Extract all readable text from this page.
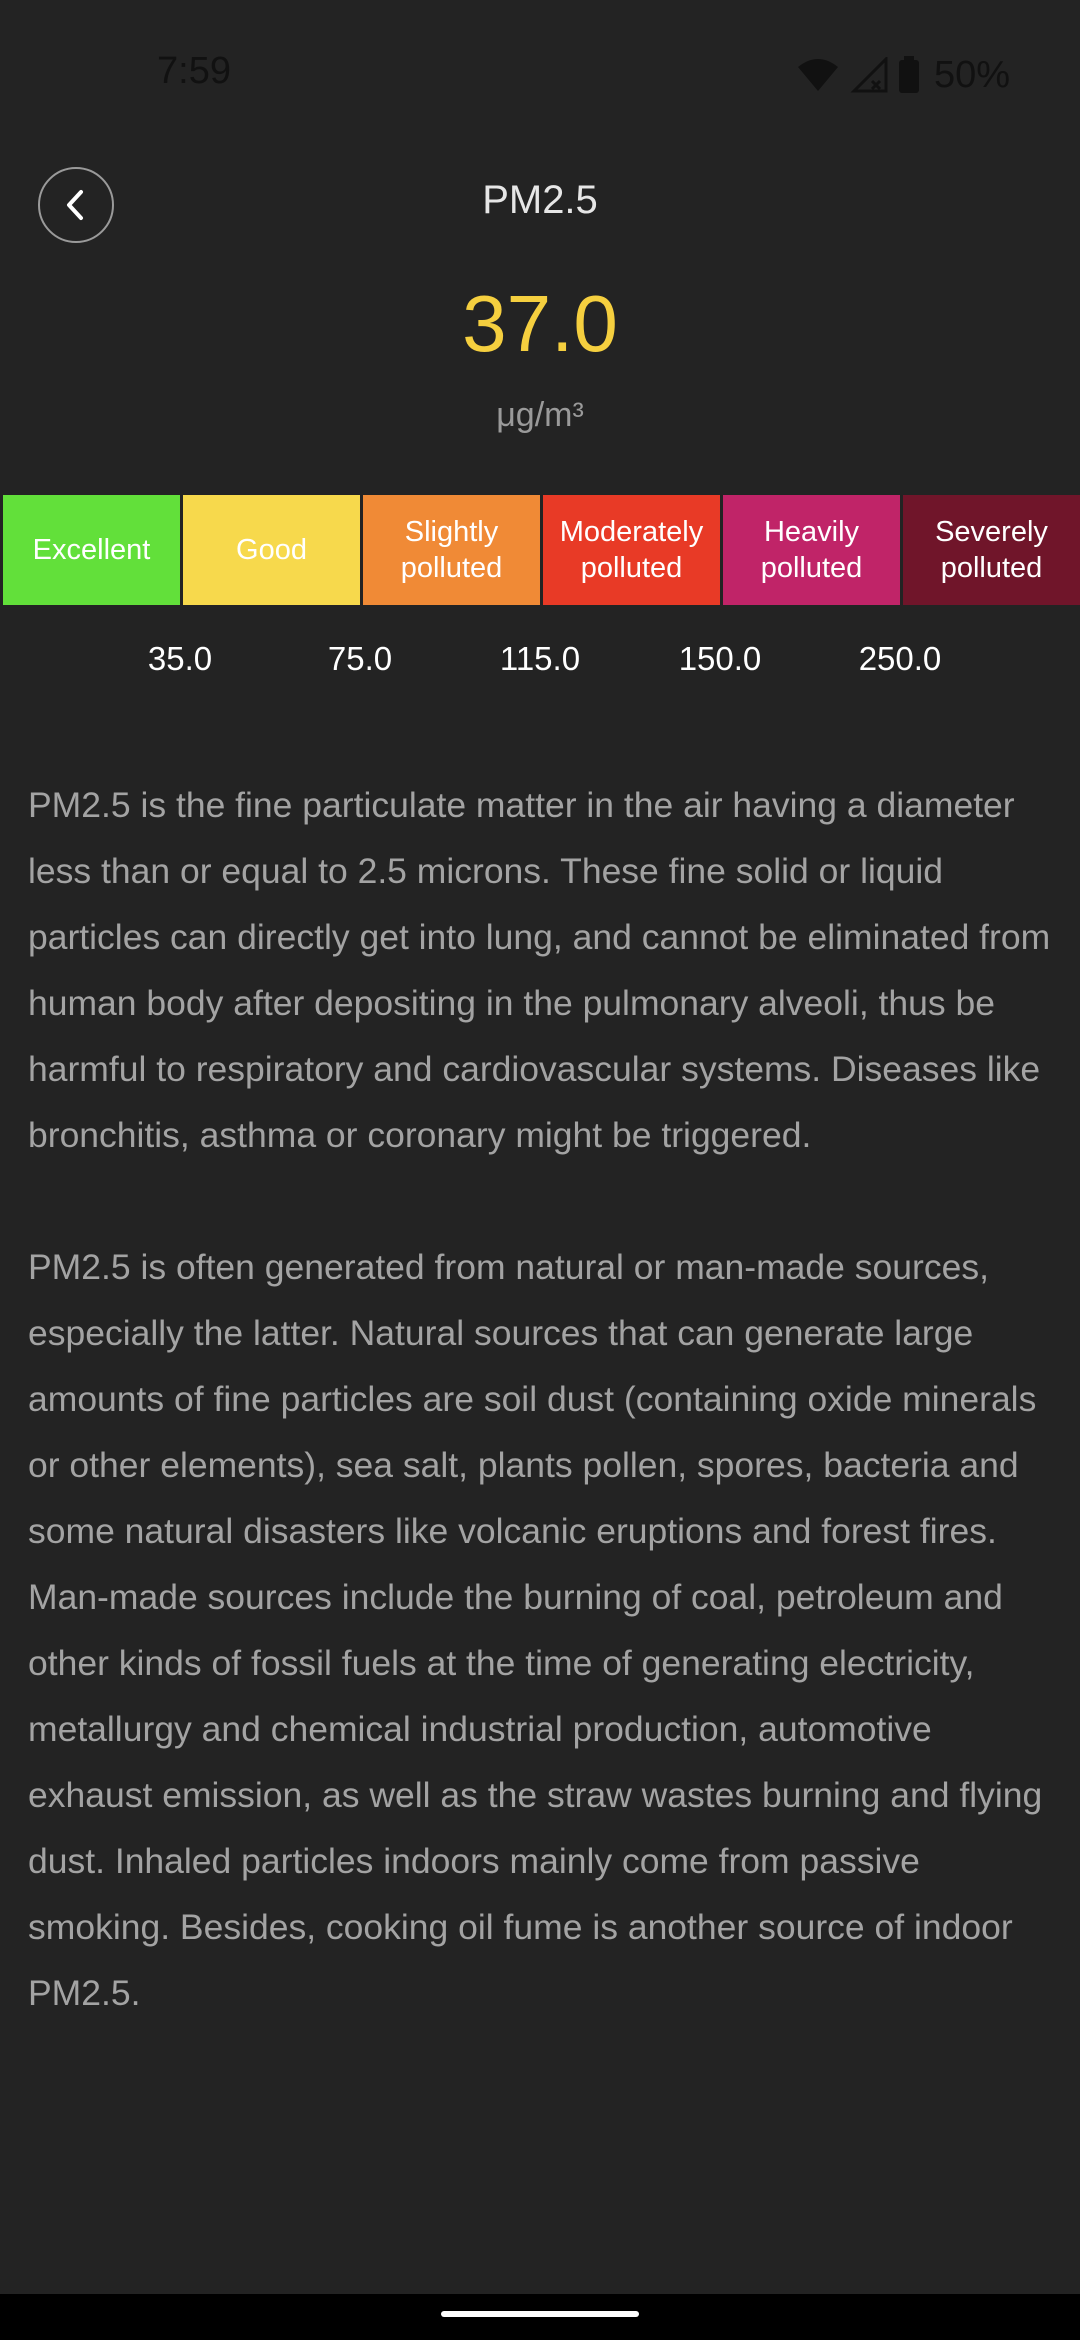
7:59	50%
PM2.5
37.0
μg/m³
Excellent	Good
Slightly polluted
Moderately polluted
Heavily polluted
Severely polluted
35.0	75.0	115.0	150.0	250.0

PM2.5 is the fine particulate matter in the air having a diameter less than or equal to 2.5 microns. These fine solid or liquid particles can directly get into lung, and cannot be eliminated from human body after depositing in the pulmonary alveoli, thus be harmful to respiratory and cardiovascular systems. Diseases like bronchitis, asthma or coronary might be triggered.

PM2.5 is often generated from natural or man-made sources, especially the latter. Natural sources that can generate large amounts of fine particles are soil dust (containing oxide minerals or other elements), sea salt, plants pollen, spores, bacteria and some natural disasters like volcanic eruptions and forest fires. Man-made sources include the burning of coal, petroleum and other kinds of fossil fuels at the time of generating electricity, metallurgy and chemical industrial production, automotive exhaust emission, as well as the straw wastes burning and flying dust. Inhaled particles indoors mainly come from passive smoking. Besides, cooking oil fume is another source of indoor PM2.5.
